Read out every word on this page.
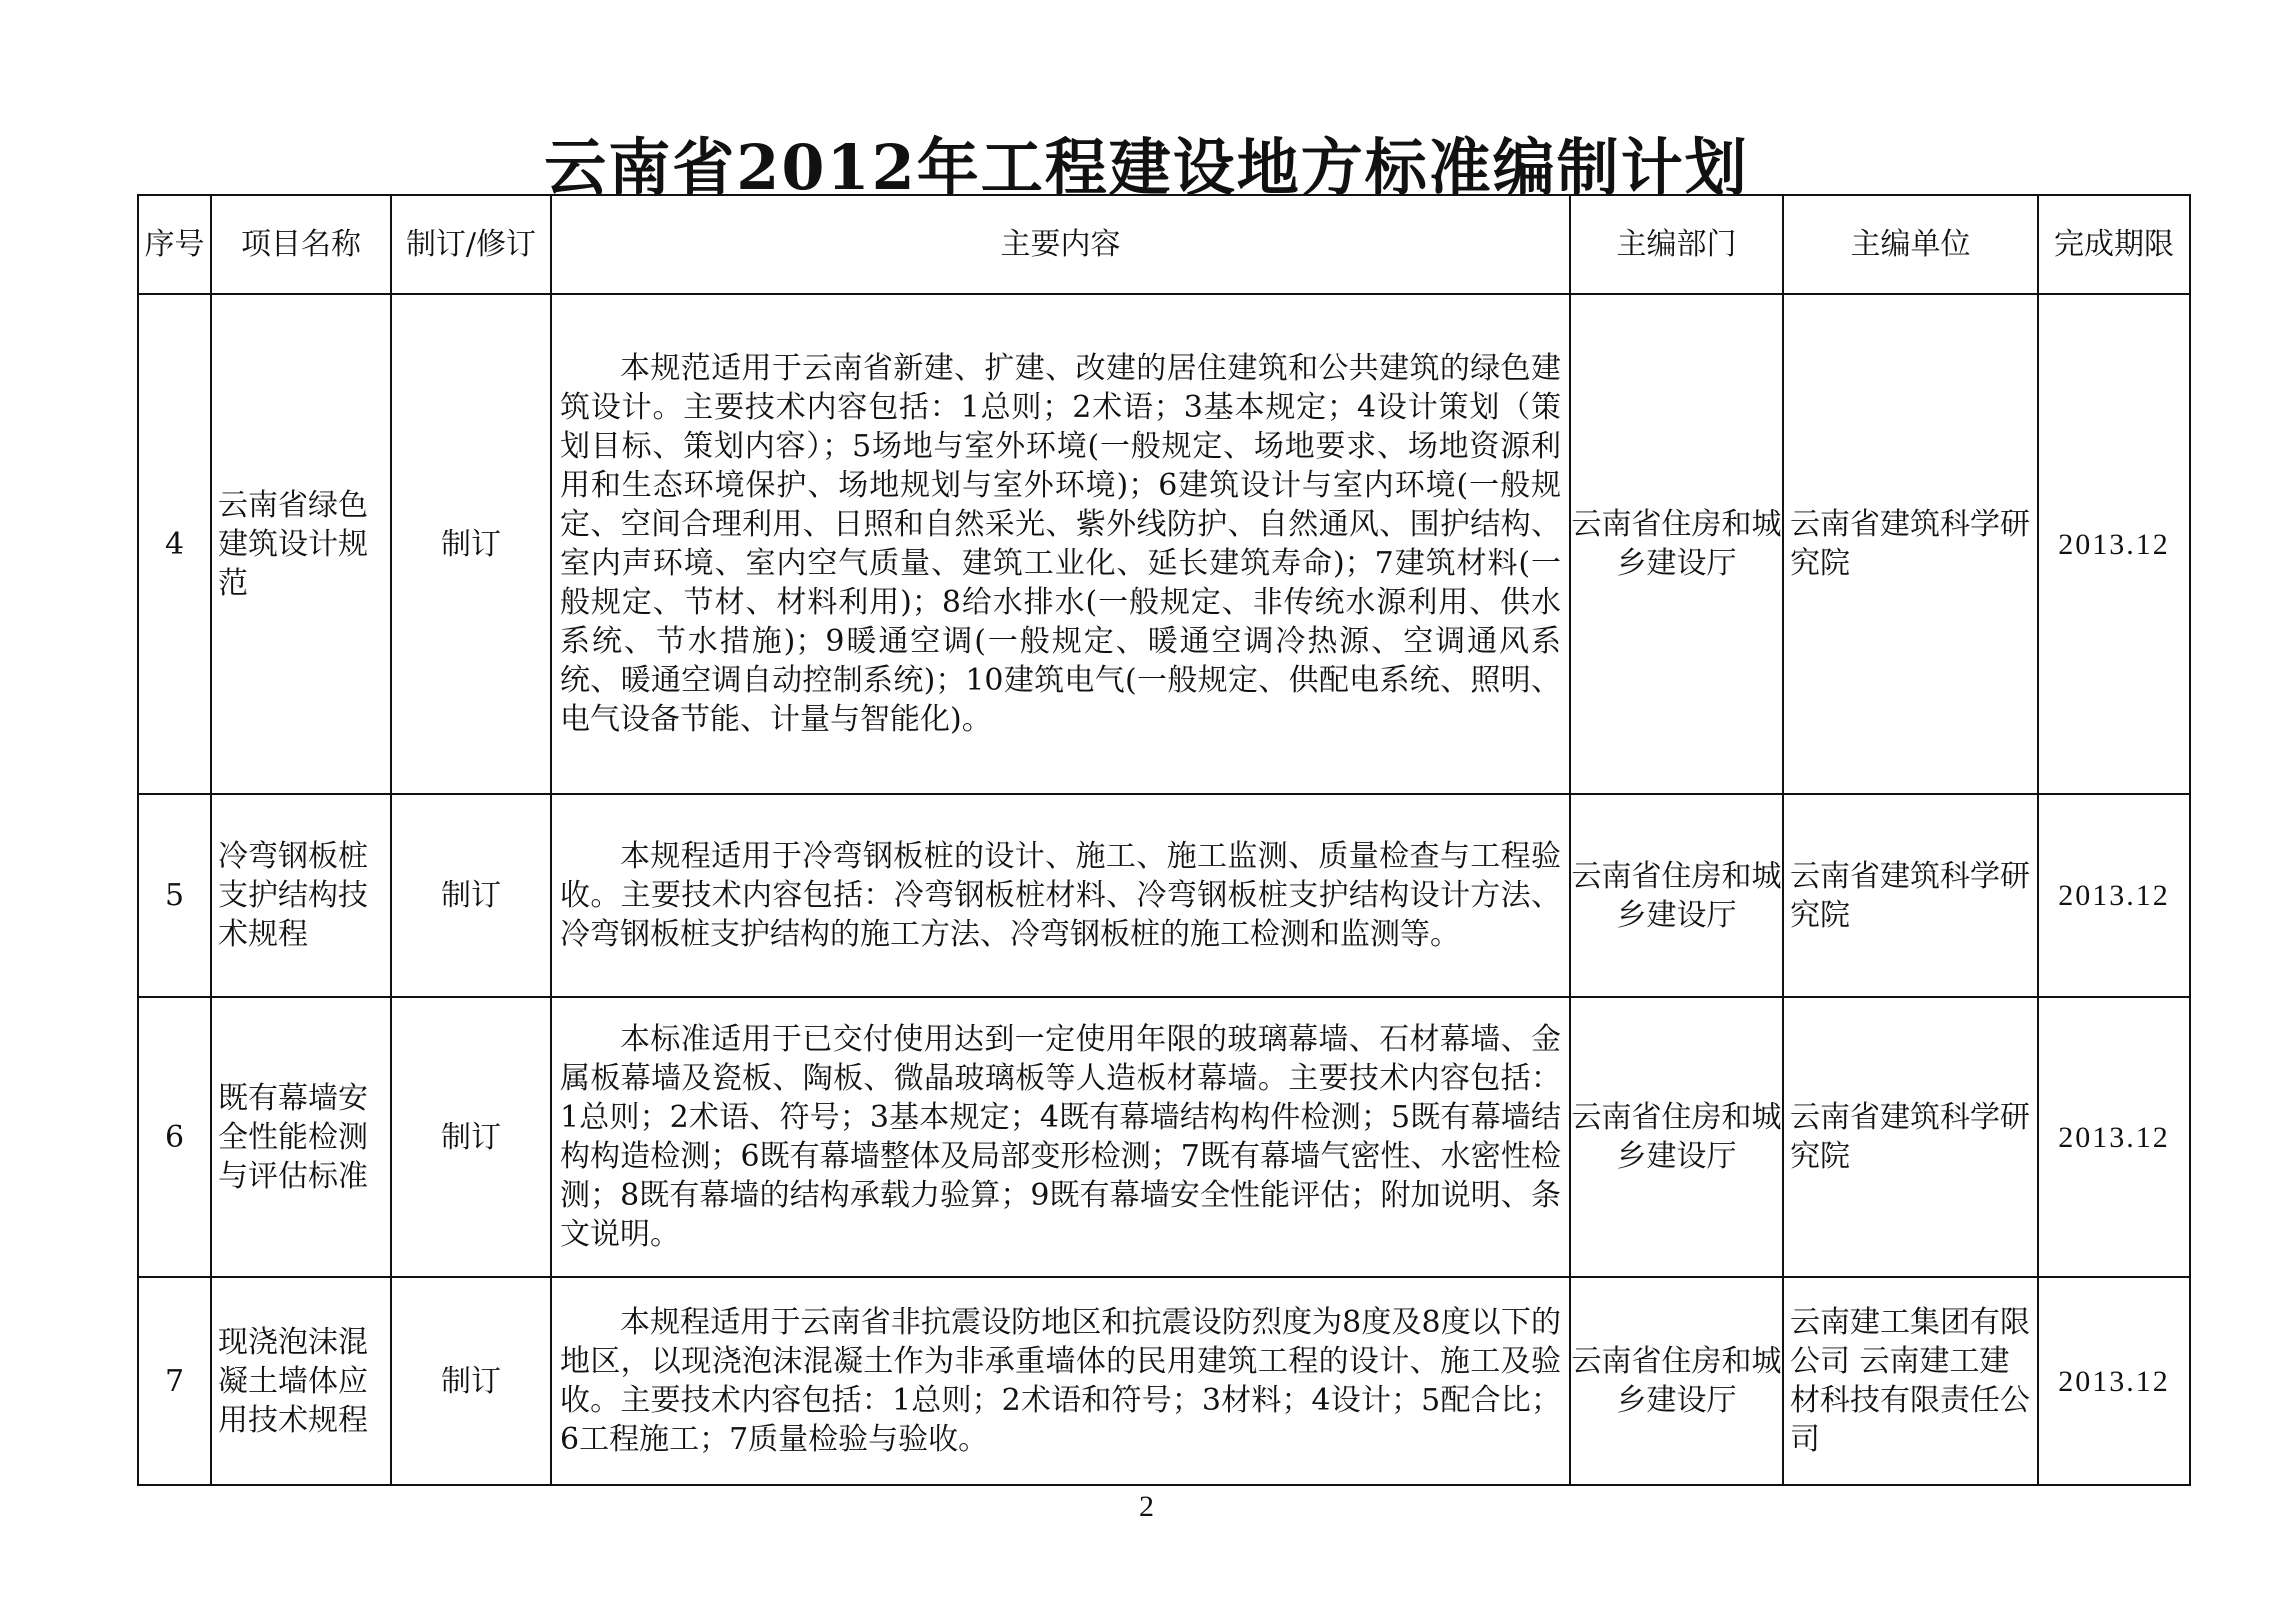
云南省2012年工程建设地方标准编制计划
序号	项目名称	制订/修订	主要内容	主编部门	主编单位	完成期限
4	云南省绿色建筑设计规范	制订	本规范适用于云南省新建、扩建、改建的居住建筑和公共建筑的绿色建筑设计。主要技术内容包括：1总则；2术语；3基本规定；4设计策划（策划目标、策划内容）；5场地与室外环境(一般规定、场地要求、场地资源利用和生态环境保护、场地规划与室外环境)；6建筑设计与室内环境(一般规定、空间合理利用、日照和自然采光、紫外线防护、自然通风、围护结构、室内声环境、室内空气质量、建筑工业化、延长建筑寿命)；7建筑材料(一般规定、节材、材料利用)；8给水排水(一般规定、非传统水源利用、供水系统、节水措施)；9暖通空调(一般规定、暖通空调冷热源、空调通风系统、暖通空调自动控制系统)；10建筑电气(一般规定、供配电系统、照明、电气设备节能、计量与智能化)。	云南省住房和城乡建设厅	云南省建筑科学研究院	2013.12
5	冷弯钢板桩支护结构技术规程	制订	本规程适用于冷弯钢板桩的设计、施工、施工监测、质量检查与工程验收。主要技术内容包括：冷弯钢板桩材料、冷弯钢板桩支护结构设计方法、冷弯钢板桩支护结构的施工方法、冷弯钢板桩的施工检测和监测等。	云南省住房和城乡建设厅	云南省建筑科学研究院	2013.12
6	既有幕墙安全性能检测与评估标准	制订	本标准适用于已交付使用达到一定使用年限的玻璃幕墙、石材幕墙、金属板幕墙及瓷板、陶板、微晶玻璃板等人造板材幕墙。主要技术内容包括：1总则；2术语、符号；3基本规定；4既有幕墙结构构件检测；5既有幕墙结构构造检测；6既有幕墙整体及局部变形检测；7既有幕墙气密性、水密性检测；8既有幕墙的结构承载力验算；9既有幕墙安全性能评估；附加说明、条文说明。	云南省住房和城乡建设厅	云南省建筑科学研究院	2013.12
7	现浇泡沫混凝土墙体应用技术规程	制订	本规程适用于云南省非抗震设防地区和抗震设防烈度为8度及8度以下的地区，以现浇泡沫混凝土作为非承重墙体的民用建筑工程的设计、施工及验收。主要技术内容包括：1总则；2术语和符号；3材料；4设计；5配合比；6工程施工；7质量检验与验收。	云南省住房和城乡建设厅	云南建工集团有限公司 云南建工建材科技有限责任公司	2013.12
2
